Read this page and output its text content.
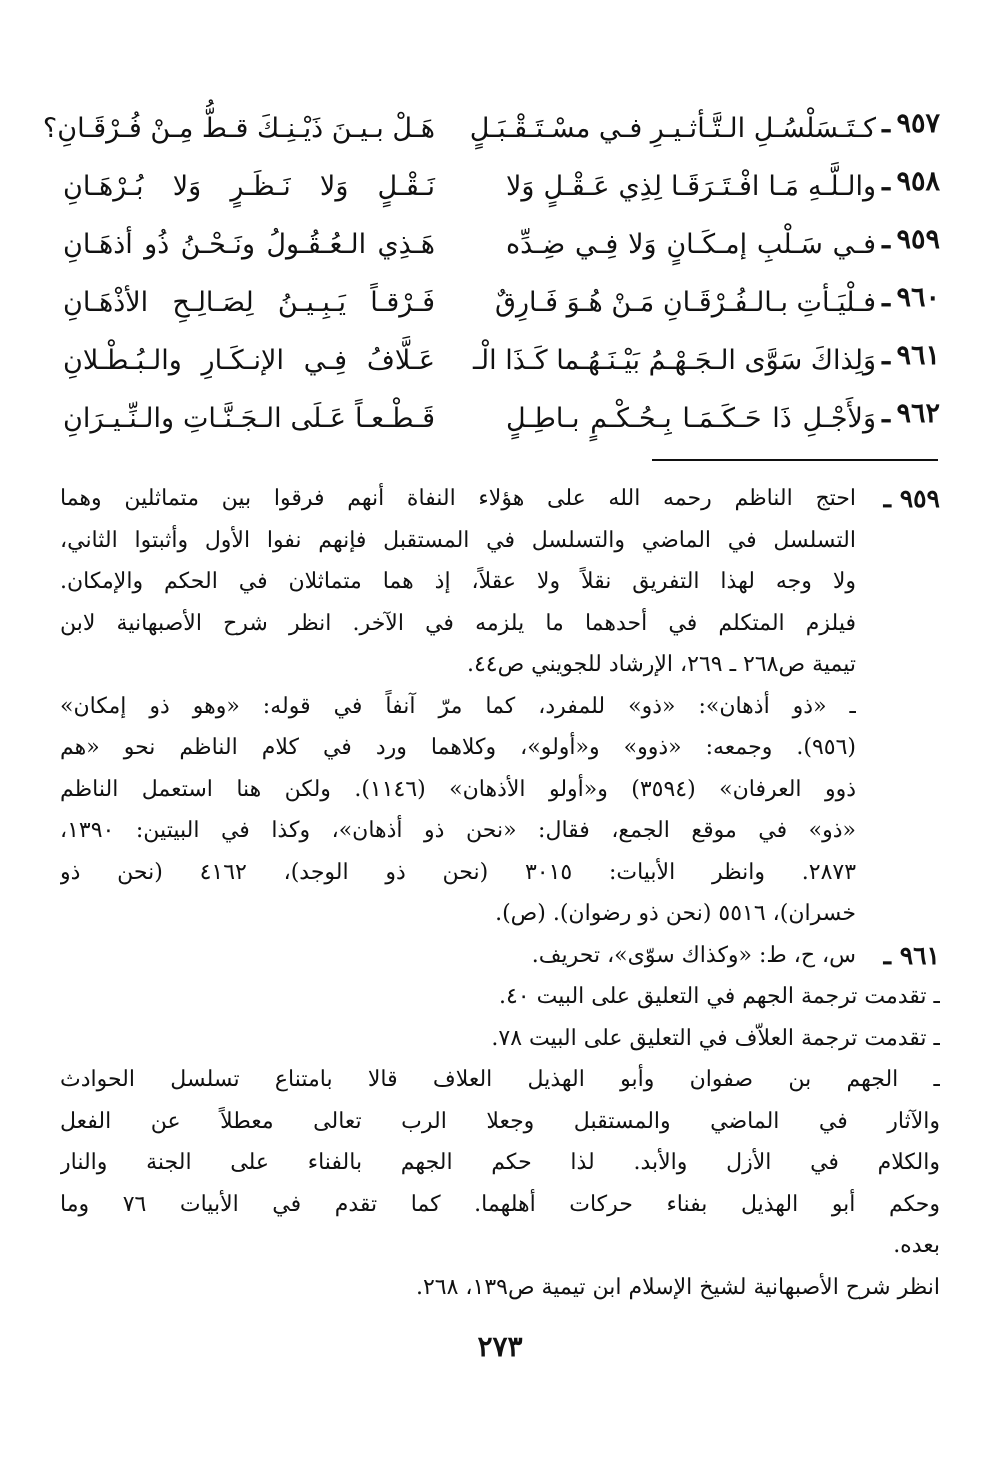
٩٥٧
ـ
كـتَـسَلْسُـلِ الـتَّـأثـيـرِ فـي مسْـتَـقْـبَـلٍ
هَـلْ بـيـنَ ذَيْـنِـكَ قـطُّ مِـنْ فُـرْقَـانِ؟
٩٥٨
ـ
والـلَّـهِ مَـا افْـتَـرَقَـا لِذِي عَـقْـلٍ وَلا
نَـقْـلٍ وَلا نَـظَـرٍ وَلا بُـرْهَـانِ
٩٥٩
ـ
فـي سَـلْبِ إمـكَـانٍ وَلا فِـي ضِـدِّه
هَـذِي الـعُـقُـولُ ونَـحْـنُ ذُو أذهَـانِ
٩٦٠
ـ
فـلْيَـأتِ بـالـفُـرْقَـانِ مَـنْ هُـوَ فَـارِقٌ
فَـرْقـاً يَـبِـيـنُ لِصَـالِـحِ الأذْهَـانِ
٩٦١
ـ
وَلِذاكَ سَوَّى الـجَـهْـمُ بَيْـنَـهُـما كَـذَا الْـ
عَـلَّافُ فِـي الإنـكَـارِ والـبُـطْـلانِ
٩٦٢
ـ
وَلأَجْـلِ ذَا حَـكَـمَـا بِـحُـكْـمٍ بـاطِـلٍ
قَـطْـعـاً عَـلَى الـجَـنَّـاتِ والـنِّـيـرَانِ
٩٥٩ ـ
احتج الناظم رحمه الله على هؤلاء النفاة أنهم فرقوا بين متماثلين وهما
التسلسل في الماضي والتسلسل في المستقبل فإنهم نفوا الأول وأثبتوا الثاني،
ولا وجه لهذا التفريق نقلاً ولا عقلاً، إذ هما متماثلان في الحكم والإمكان.
فيلزم المتكلم في أحدهما ما يلزمه في الآخر. انظر شرح الأصبهانية لابن
تيمية ص٢٦٨ ـ ٢٦٩، الإرشاد للجويني ص٤٤.
ـ «ذو أذهان»: «ذو» للمفرد، كما مرّ آنفاً في قوله: «وهو ذو إمكان»
(٩٥٦). وجمعه: «ذوو» و«أولو»، وكلاهما ورد في كلام الناظم نحو «هم
ذوو العرفان» (٣٥٩٤) و«أولو الأذهان» (١١٤٦). ولكن هنا استعمل الناظم
«ذو» في موقع الجمع، فقال: «نحن ذو أذهان»، وكذا في البيتين: ١٣٩٠،
٢٨٧٣. وانظر الأبيات: ٣٠١٥ (نحن ذو الوجد)، ٤١٦٢ (نحن ذو
خسران)، ٥٥١٦ (نحن ذو رضوان). (ص).
٩٦١ ـ
س، ح، ط: «وكذاك سوّى»، تحريف.
ـ تقدمت ترجمة الجهم في التعليق على البيت ٤٠.
ـ تقدمت ترجمة العلاّف في التعليق على البيت ٧٨.
ـ الجهم بن صفوان وأبو الهذيل العلاف قالا بامتناع تسلسل الحوادث
والآثار في الماضي والمستقبل وجعلا الرب تعالى معطلاً عن الفعل
والكلام في الأزل والأبد. لذا حكم الجهم بالفناء على الجنة والنار
وحكم أبو الهذيل بفناء حركات أهلهما. كما تقدم في الأبيات ٧٦ وما
بعده.
انظر شرح الأصبهانية لشيخ الإسلام ابن تيمية ص١٣٩، ٢٦٨.
٢٧٣
